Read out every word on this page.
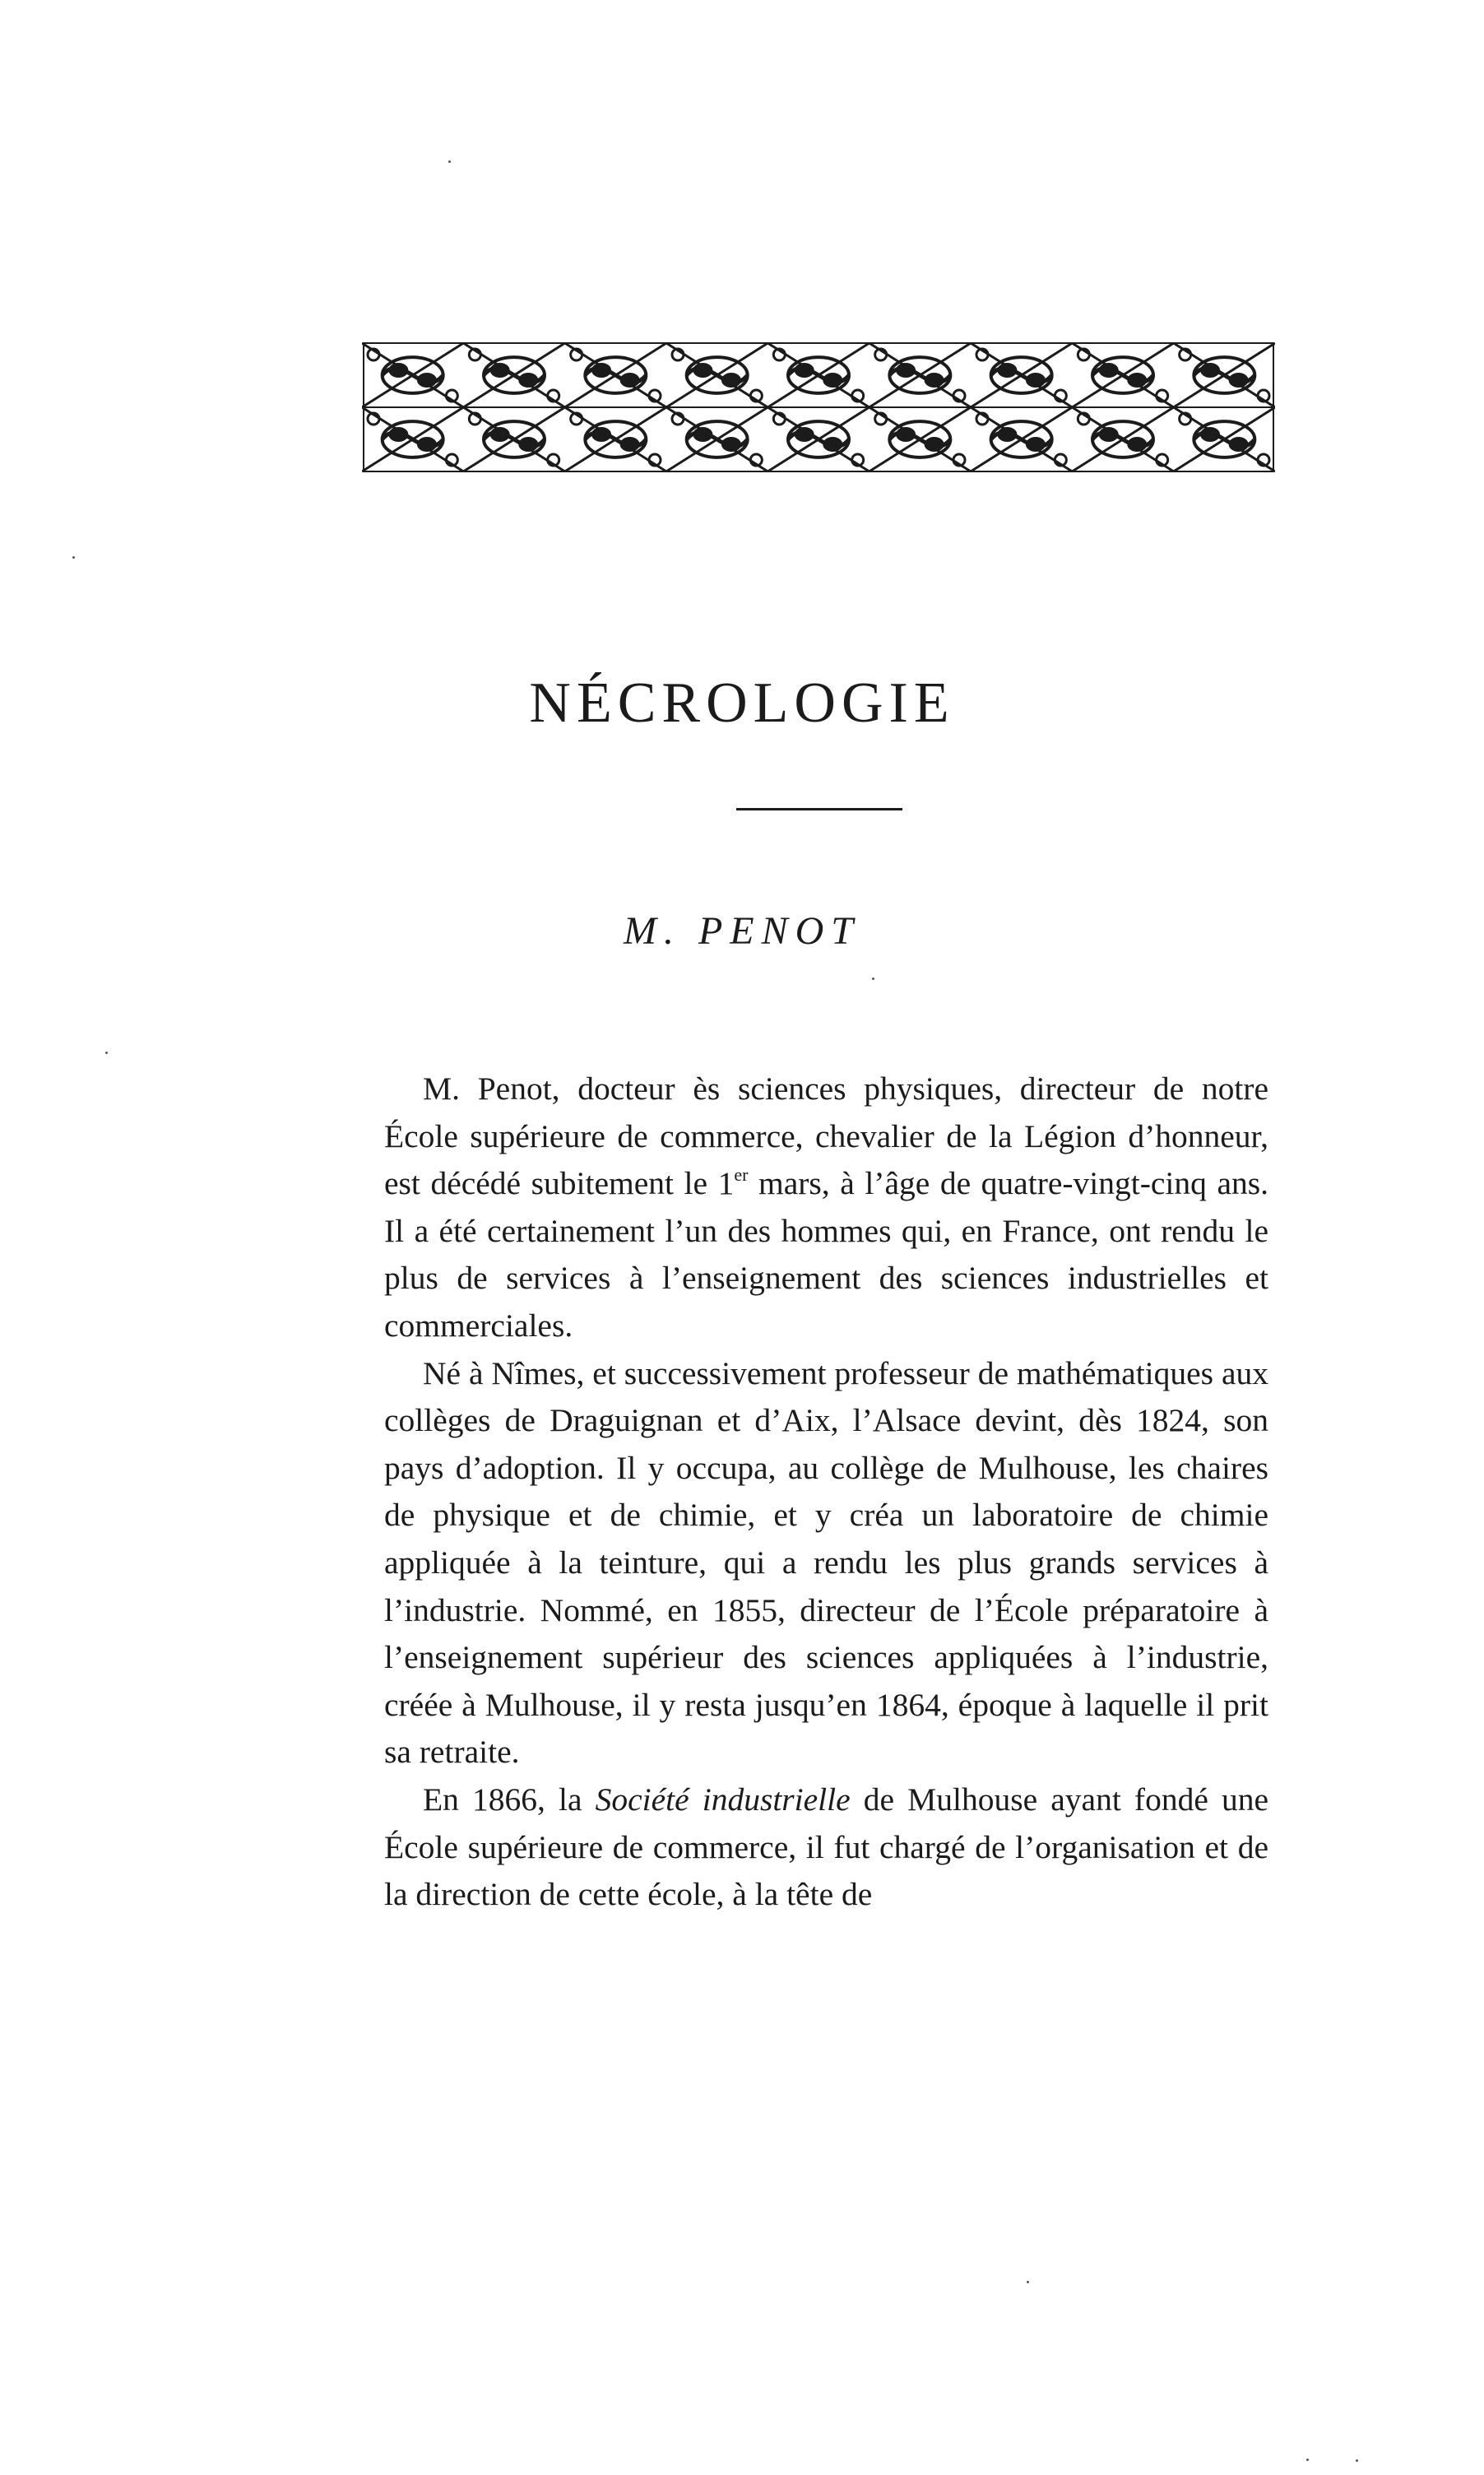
NÉCROLOGIE
M. PENOT

M. Penot, docteur ès sciences physiques, directeur de notre École supérieure de commerce, chevalier de la Légion d’honneur, est décédé subitement le 1er mars, à l’âge de quatre-vingt-cinq ans. Il a été certainement l’un des hommes qui, en France, ont rendu le plus de services à l’enseignement des sciences industrielles et commerciales.

Né à Nîmes, et successivement professeur de mathématiques aux collèges de Draguignan et d’Aix, l’Alsace devint, dès 1824, son pays d’adoption. Il y occupa, au collège de Mulhouse, les chaires de physique et de chimie, et y créa un laboratoire de chimie appliquée à la teinture, qui a rendu les plus grands services à l’industrie. Nommé, en 1855, directeur de l’École préparatoire à l’enseignement supérieur des sciences appliquées à l’industrie, créée à Mulhouse, il y resta jusqu’en 1864, époque à laquelle il prit sa retraite.

En 1866, la Société industrielle de Mulhouse ayant fondé une École supérieure de commerce, il fut chargé de l’organisation et de la direction de cette école, à la tête de
